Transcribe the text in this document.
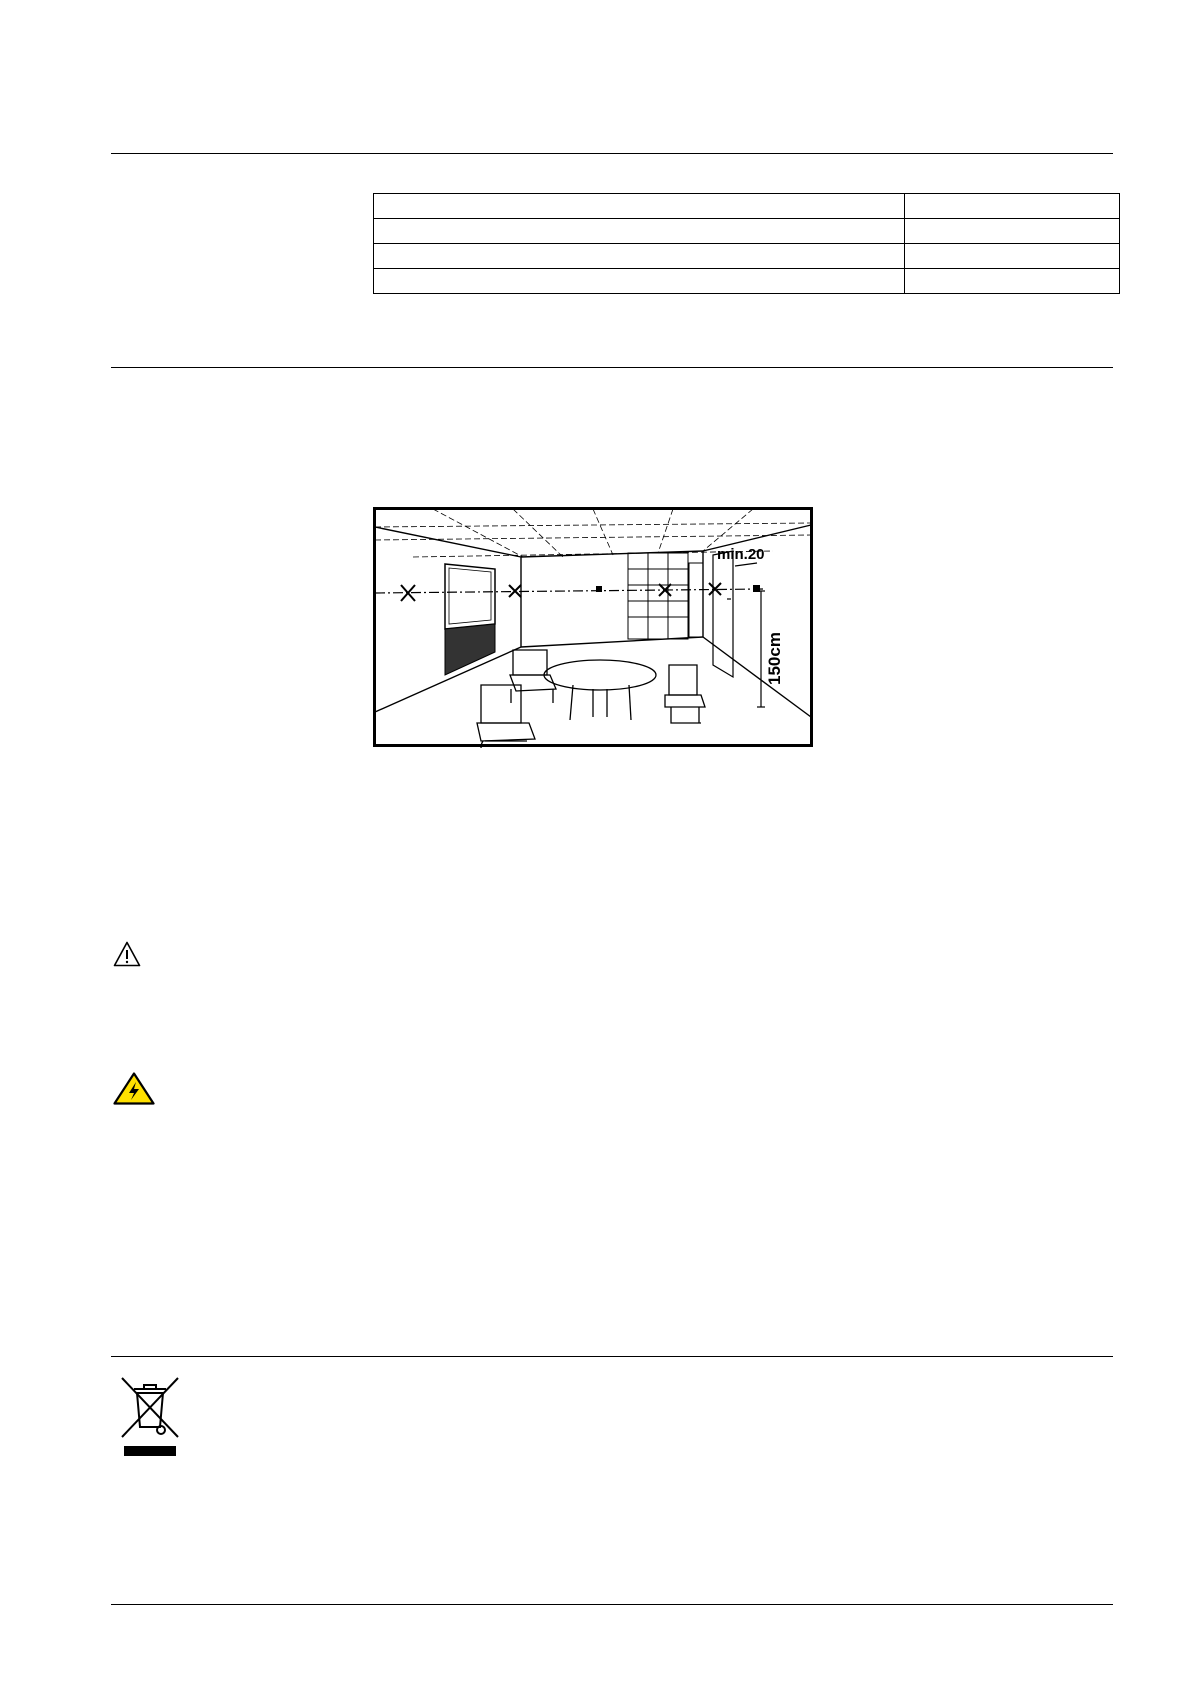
min.20
150cm
